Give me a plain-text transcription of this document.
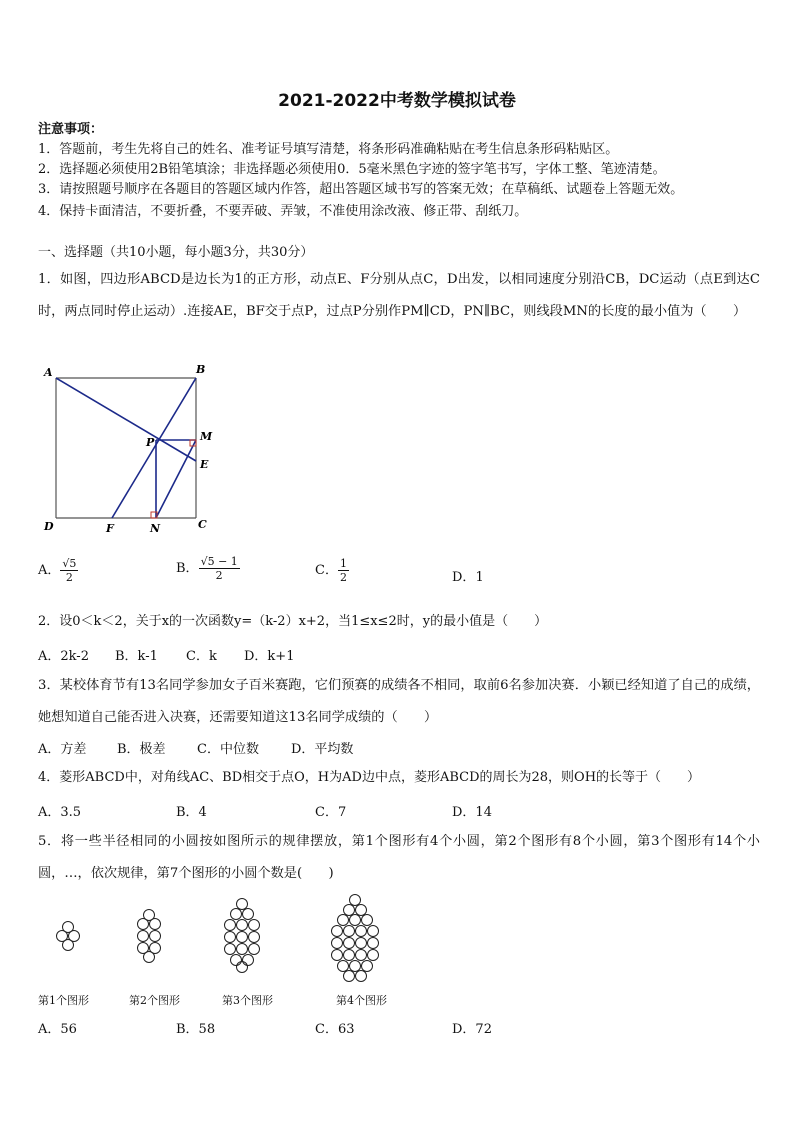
2021-2022中考数学模拟试卷
注意事项：
1．答题前，考生先将自己的姓名、准考证号填写清楚，将条形码准确粘贴在考生信息条形码粘贴区。
2．选择题必须使用2B铅笔填涂；非选择题必须使用0．5毫米黑色字迹的签字笔书写，字体工整、笔迹清楚。
3．请按照题号顺序在各题目的答题区域内作答，超出答题区域书写的答案无效；在草稿纸、试题卷上答题无效。
4．保持卡面清洁，不要折叠，不要弄破、弄皱，不准使用涂改液、修正带、刮纸刀。
一、选择题（共10小题，每小题3分，共30分）
1．如图，四边形ABCD是边长为1的正方形，动点E、F分别从点C，D出发，以相同速度分别沿CB，DC运动（点E到达C时，两点同时停止运动）.连接AE，BF交于点P，过点P分别作PM∥CD，PN∥BC，则线段MN的长度的最小值为（　　）
A	B
P	M
E
D	F	N	C
A． $\frac{√5}{2}$	B． $\frac{√5 - 1}{2}$	C． $\frac{1}{2}$	D．1
2．设0＜k＜2，关于x的一次函数y=（k-2）x+2，当1≤x≤2时，y的最小值是（　　）
A．2k-2 B．k-1 C．k D．k+1
3．某校体育节有13名同学参加女子百米赛跑，它们预赛的成绩各不相同，取前6名参加决赛．小颖已经知道了自己的成绩，她想知道自己能否进入决赛，还需要知道这13名同学成绩的（　　）
A．方差 B．极差 C．中位数 D．平均数
4．菱形ABCD中，对角线AC、BD相交于点O，H为AD边中点，菱形ABCD的周长为28，则OH的长等于（　　）
A．3.5	B．4	C．7	D．14
5．将一些半径相同的小圆按如图所示的规律摆放，第1个图形有4个小圆，第2个图形有8个小圆，第3个图形有14个小圆，…，依次规律，第7个图形的小圆个数是(　　)
第1个图形	第2个图形	第3个图形	第4个图形
A．56	B．58	C．63	D．72
